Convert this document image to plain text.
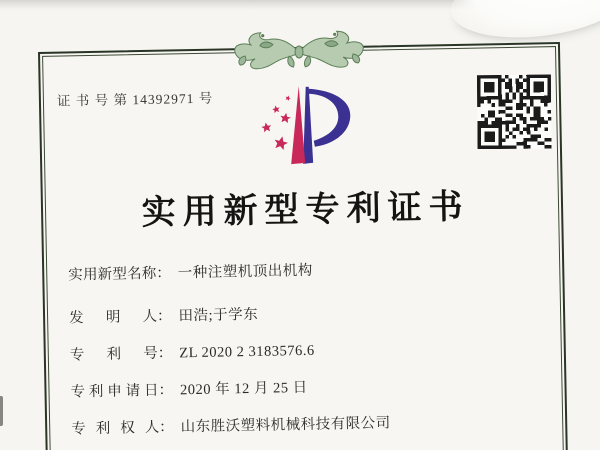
证 书 号 第 14392971 号
实用新型专利证书
实用新型名称： 一种注塑机顶出机构
发明人： 田浩;于学东
专利号： ZL 2020 2 3183576.6
专利申请日： 2020 年 12 月 25 日
专利权人： 山东胜沃塑料机械科技有限公司
